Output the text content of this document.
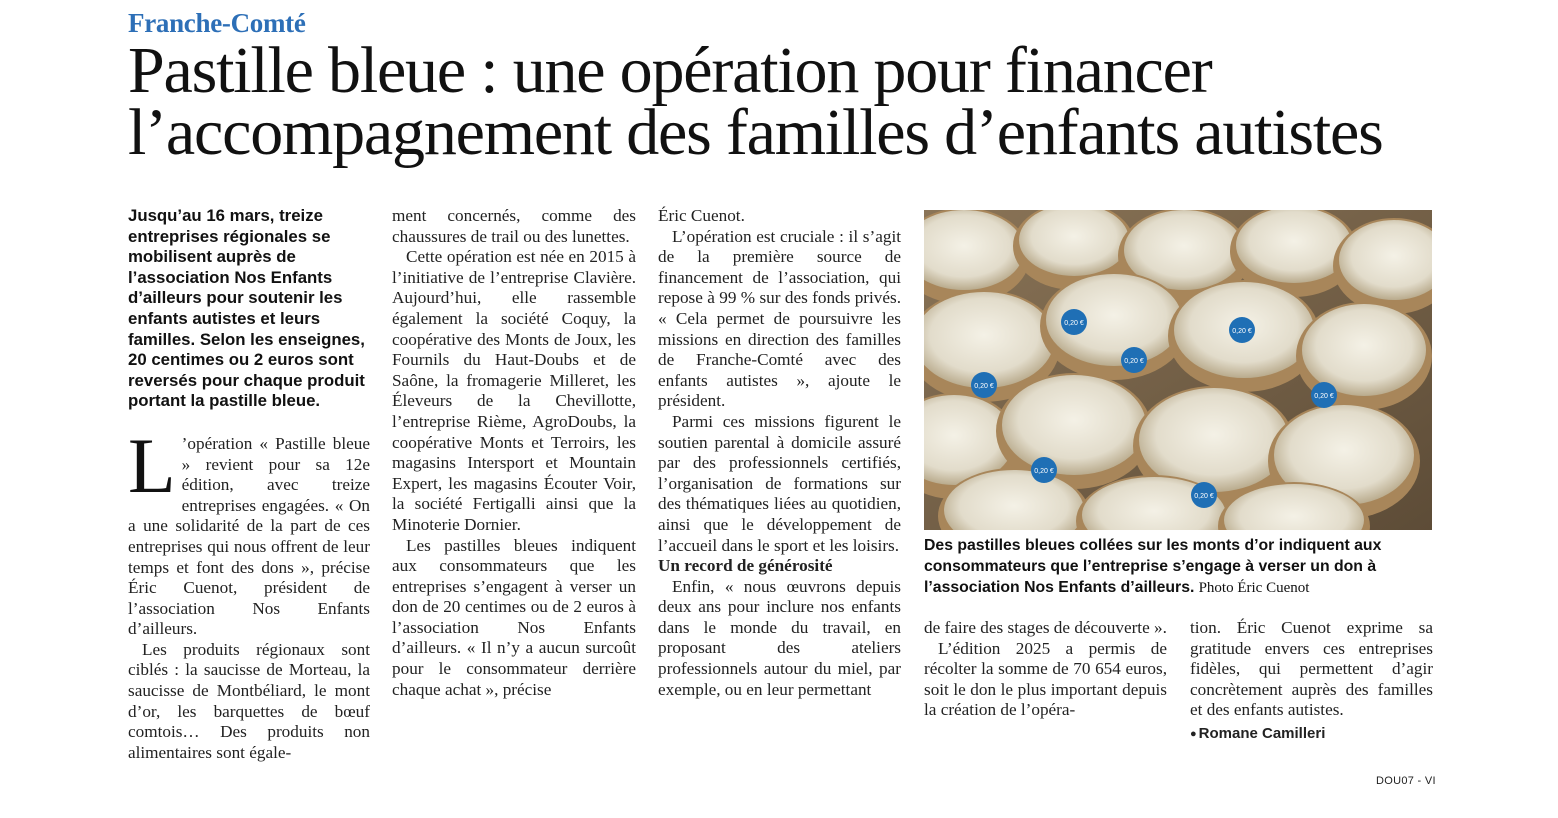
Franche-Comté
Pastille bleue : une opération pour financer
l’accompagnement des familles d’enfants autistes

Jusqu’au 16 mars, treize entreprises régionales se mobilisent auprès de l’association Nos Enfants d’ailleurs pour soutenir les enfants autistes et leurs familles. Selon les enseignes, 20 centimes ou 2 euros sont reversés pour chaque produit portant la pastille bleue.

L ’opération « Pastille bleue » revient pour sa 12e édition, avec treize entreprises engagées. « On a une solidarité de la part de ces entreprises qui nous offrent de leur temps et font des dons », précise Éric Cuenot, président de l’association Nos Enfants d’ailleurs.

Les produits régionaux sont ciblés : la saucisse de Morteau, la saucisse de Montbéliard, le mont d’or, les barquettes de bœuf comtois… Des produits non alimentaires sont égale-

ment concernés, comme des chaussures de trail ou des lunettes.

Cette opération est née en 2015 à l’initiative de l’entreprise Clavière. Aujourd’hui, elle rassemble également la société Coquy, la coopérative des Monts de Joux, les Fournils du Haut-Doubs et de Saône, la fromagerie Milleret, les Éleveurs de la Chevillotte, l’entreprise Rième, AgroDoubs, la coopérative Monts et Terroirs, les magasins Intersport et Mountain Expert, les magasins Écouter Voir, la société Fertigalli ainsi que la Minoterie Dornier.

Les pastilles bleues indiquent aux consommateurs que les entreprises s’engagent à verser un don de 20 centimes ou de 2 euros à l’association Nos Enfants d’ailleurs. « Il n’y a aucun surcoût pour le consommateur derrière chaque achat », précise

Éric Cuenot.

L’opération est cruciale : il s’agit de la première source de financement de l’association, qui repose à 99 % sur des fonds privés. « Cela permet de poursuivre les missions en direction des familles de Franche-Comté avec des enfants autistes », ajoute le président.

Parmi ces missions figurent le soutien parental à domicile assuré par des professionnels certifiés, l’organisation de formations sur des thématiques liées au quotidien, ainsi que le développement de l’accueil dans le sport et les loisirs.

Un record de générosité

Enfin, « nous œuvrons depuis deux ans pour inclure nos enfants dans le monde du travail, en proposant des ateliers professionnels autour du miel, par exemple, ou en leur permettant

0,20 €
0,20 €
0,20 €
0,20 €
0,20 €
0,20 €
0,20 €
Des pastilles bleues collées sur les monts d’or indiquent aux consommateurs que l’entreprise s’engage à verser un don à l’association Nos Enfants d’ailleurs. Photo Éric Cuenot

de faire des stages de découverte ».

L’édition 2025 a permis de récolter la somme de 70 654 euros, soit le don le plus important depuis la création de l’opéra-

tion. Éric Cuenot exprime sa gratitude envers ces entreprises fidèles, qui permettent d’agir concrètement auprès des familles et des enfants autistes.

● Romane Camilleri
DOU07 - VI
